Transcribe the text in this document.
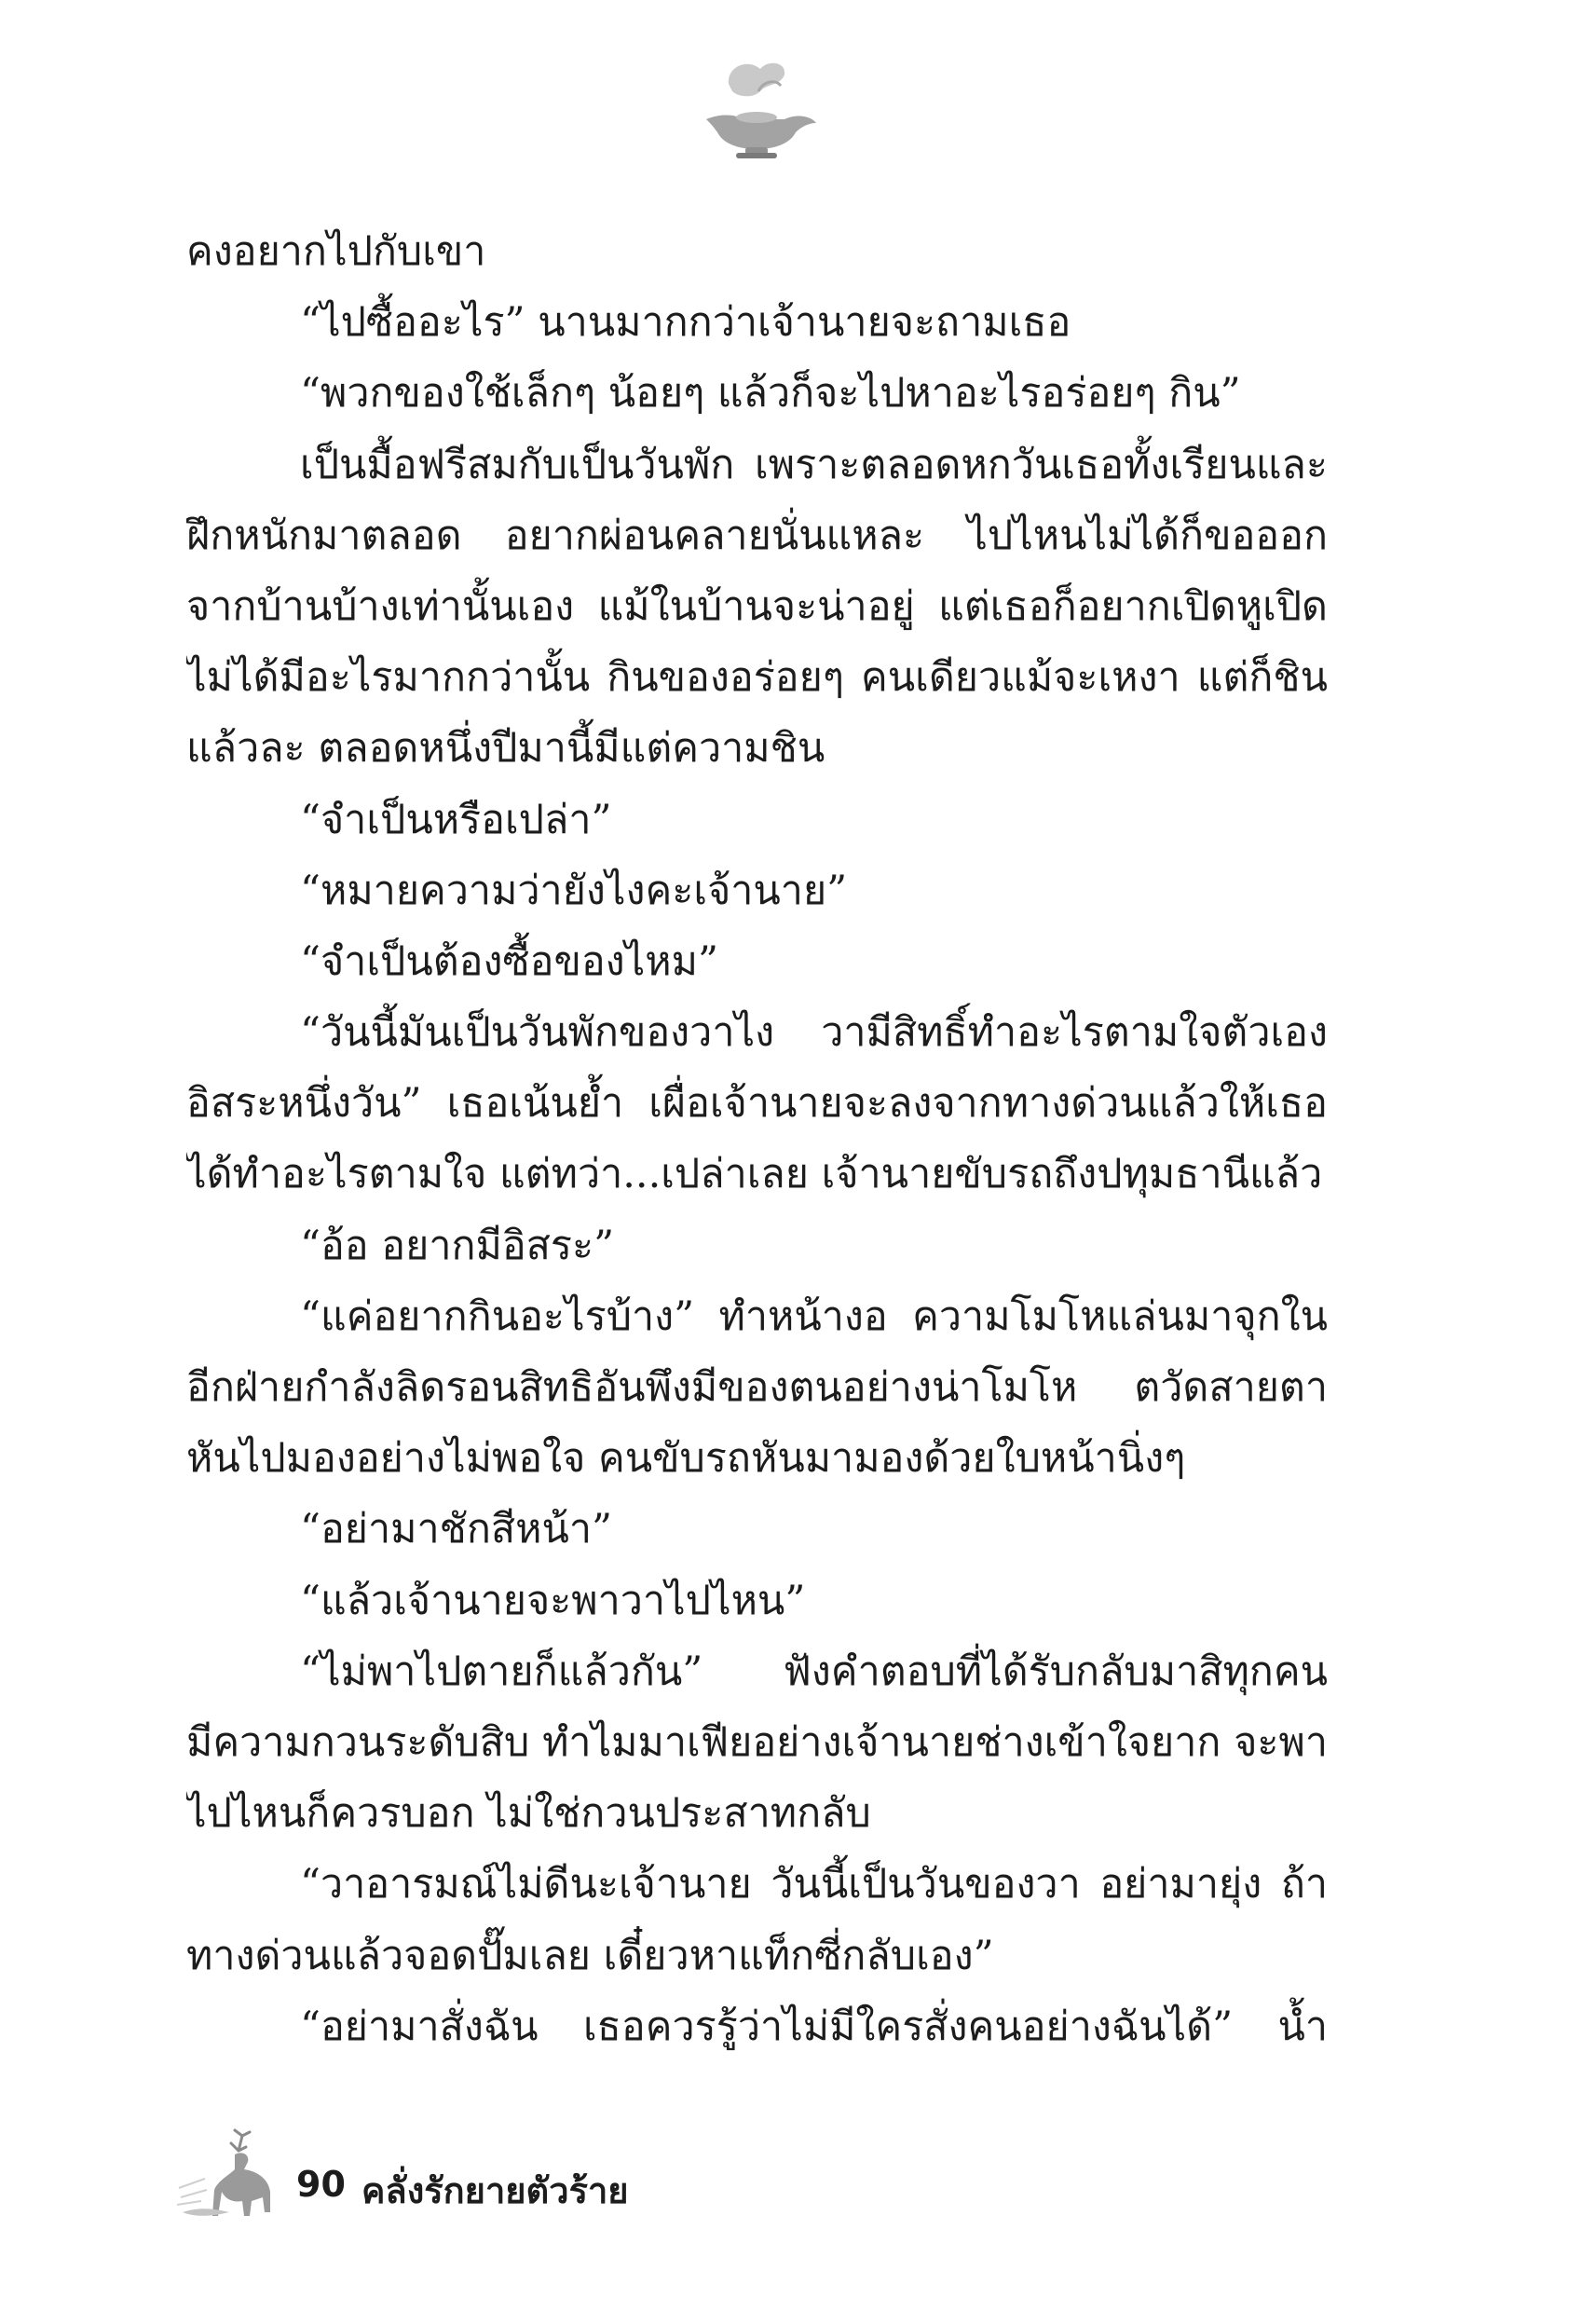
คงอยากไปกับเขา
“ไปซื้ออะไร” นานมากกว่าเจ้านายจะถามเธอ
“พวกของใช้เล็กๆ น้อยๆ แล้วก็จะไปหาอะไรอร่อยๆ กิน”
เป็นมื้อฟรีสมกับเป็นวันพัก เพราะตลอดหกวันเธอทั้งเรียนและ
ฝึกหนักมาตลอด อยากผ่อนคลายนั่นแหละ ไปไหนไม่ได้ก็ขอออก
จากบ้านบ้างเท่านั้นเอง แม้ในบ้านจะน่าอยู่ แต่เธอก็อยากเปิดหูเปิด
ไม่ได้มีอะไรมากกว่านั้น กินของอร่อยๆ คนเดียวแม้จะเหงา แต่ก็ชิน
แล้วละ ตลอดหนึ่งปีมานี้มีแต่ความชิน
“จำเป็นหรือเปล่า”
“หมายความว่ายังไงคะเจ้านาย”
“จำเป็นต้องซื้อของไหม”
“วันนี้มันเป็นวันพักของวาไง วามีสิทธิ์ทำอะไรตามใจตัวเอง
อิสระหนึ่งวัน” เธอเน้นย้ำ เผื่อเจ้านายจะลงจากทางด่วนแล้วให้เธอ
ได้ทำอะไรตามใจ แต่ทว่า...เปล่าเลย เจ้านายขับรถถึงปทุมธานีแล้ว
“อ้อ อยากมีอิสระ”
“แค่อยากกินอะไรบ้าง” ทำหน้างอ ความโมโหแล่นมาจุกใน
อีกฝ่ายกำลังลิดรอนสิทธิอันพึงมีของตนอย่างน่าโมโห ตวัดสายตา
หันไปมองอย่างไม่พอใจ คนขับรถหันมามองด้วยใบหน้านิ่งๆ
“อย่ามาชักสีหน้า”
“แล้วเจ้านายจะพาวาไปไหน”
“ไม่พาไปตายก็แล้วกัน” ฟังคำตอบที่ได้รับกลับมาสิทุกคน
มีความกวนระดับสิบ ทำไมมาเฟียอย่างเจ้านายช่างเข้าใจยาก จะพา
ไปไหนก็ควรบอก ไม่ใช่กวนประสาทกลับ
“วาอารมณ์ไม่ดีนะเจ้านาย วันนี้เป็นวันของวา อย่ามายุ่ง ถ้า
ทางด่วนแล้วจอดปั๊มเลย เดี๋ยวหาแท็กซี่กลับเอง”
“อย่ามาสั่งฉัน เธอควรรู้ว่าไม่มีใครสั่งคนอย่างฉันได้” น้ำ
90 คลั่งรักยายตัวร้าย
